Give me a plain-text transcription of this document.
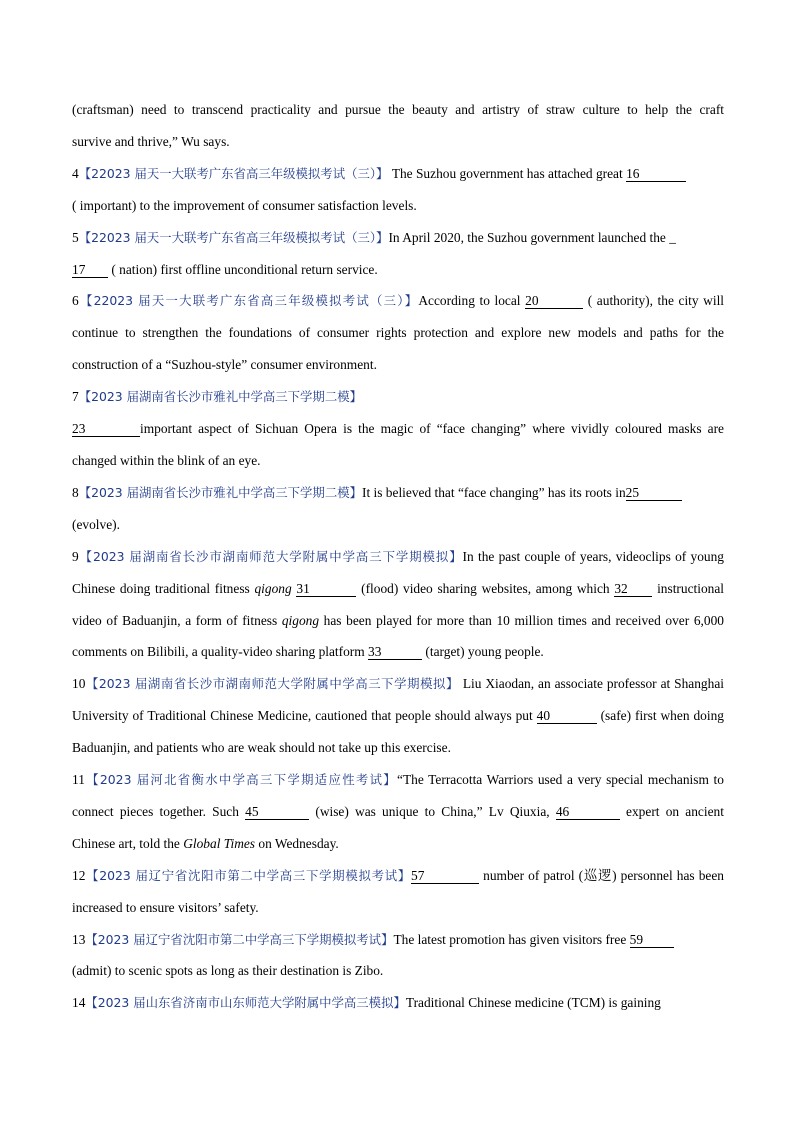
(craftsman) need to transcend practicality and pursue the beauty and artistry of straw culture to help the craft
survive and thrive,” Wu says.
4【22023 届天一大联考广东省高三年级模拟考试（三）】 The Suzhou government has attached great 16
( important) to the improvement of consumer satisfaction levels.
5【22023 届天一大联考广东省高三年级模拟考试（三）】In April 2020, the Suzhou government launched the _
17 ( nation) first offline unconditional return service.
6【22023 届天一大联考广东省高三年级模拟考试（三）】According to local 20	( authority), the city will continue to strengthen the foundations of consumer rights protection and explore new models and paths for the construction of a “Suzhou-style” consumer environment.
7【2023 届湖南省长沙市雅礼中学高三下学期二模】
23	important aspect of Sichuan Opera is the magic of “face changing” where vividly coloured masks are changed within the blink of an eye.
8【2023 届湖南省长沙市雅礼中学高三下学期二模】It is believed that “face changing” has its roots in25
(evolve).
9【2023 届湖南省长沙市湖南师范大学附属中学高三下学期模拟】In the past couple of years, videoclips of young Chinese doing traditional fitness qigong 31	(flood) video sharing websites, among which 32 instructional video of Baduanjin, a form of fitness qigong has been played for more than 10 million times and received over 6,000 comments on Bilibili, a quality-video sharing platform 33	(target) young people.
10【2023 届湖南省长沙市湖南师范大学附属中学高三下学期模拟】 Liu Xiaodan, an associate professor at Shanghai University of Traditional Chinese Medicine, cautioned that people should always put 40	(safe) first when doing Baduanjin, and patients who are weak should not take up this exercise.
11【2023 届河北省衡水中学高三下学期适应性考试】“The Terracotta Warriors used a very special mechanism to connect pieces together. Such 45	(wise) was unique to China,” Lv Qiuxia, 46	expert on ancient Chinese art, told the Global Times on Wednesday.
12【2023 届辽宁省沈阳市第二中学高三下学期模拟考试】57	number of patrol (巡逻) personnel has been increased to ensure visitors’ safety.
13【2023 届辽宁省沈阳市第二中学高三下学期模拟考试】The latest promotion has given visitors free 59
(admit) to scenic spots as long as their destination is Zibo.
14【2023 届山东省济南市山东师范大学附属中学高三模拟】Traditional Chinese medicine (TCM) is gaining
